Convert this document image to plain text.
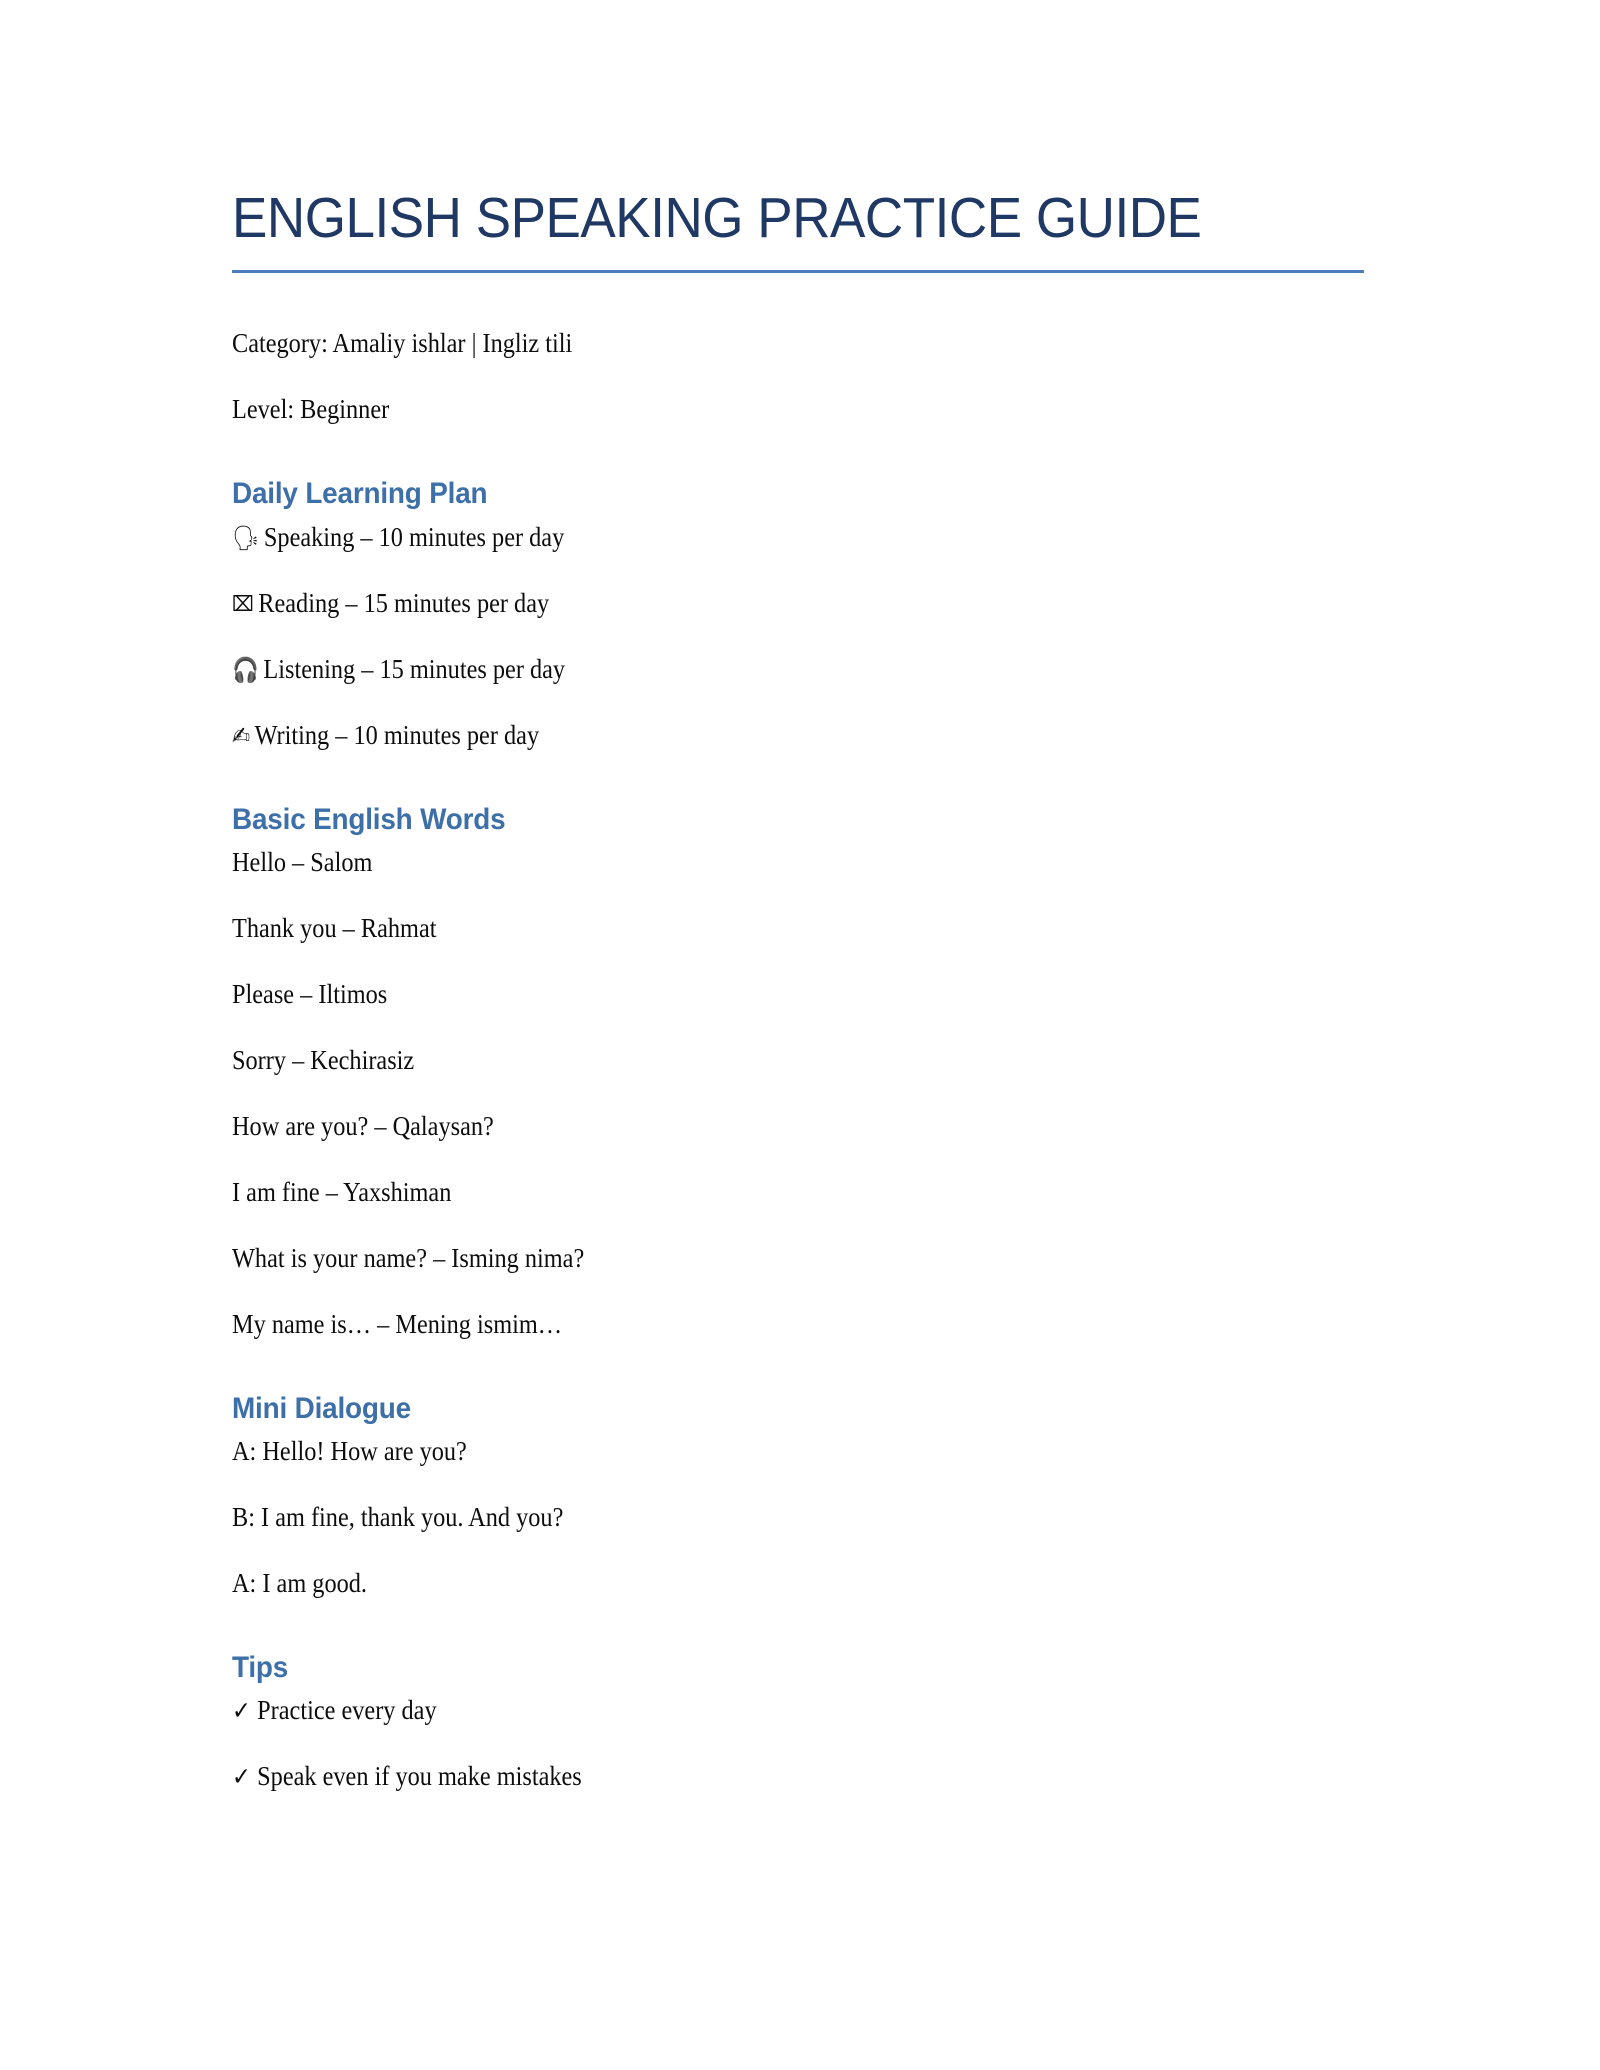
ENGLISH SPEAKING PRACTICE GUIDE

Category: Amaliy ishlar | Ingliz tili

Level: Beginner

Daily Learning Plan

🗣 Speaking – 10 minutes per day

⌧ Reading – 15 minutes per day

🎧 Listening – 15 minutes per day

✍ Writing – 10 minutes per day

Basic English Words

Hello – Salom

Thank you – Rahmat

Please – Iltimos

Sorry – Kechirasiz

How are you? – Qalaysan?

I am fine – Yaxshiman

What is your name? – Isming nima?

My name is… – Mening ismim…

Mini Dialogue

A: Hello! How are you?

B: I am fine, thank you. And you?

A: I am good.

Tips

✓ Practice every day

✓ Speak even if you make mistakes
